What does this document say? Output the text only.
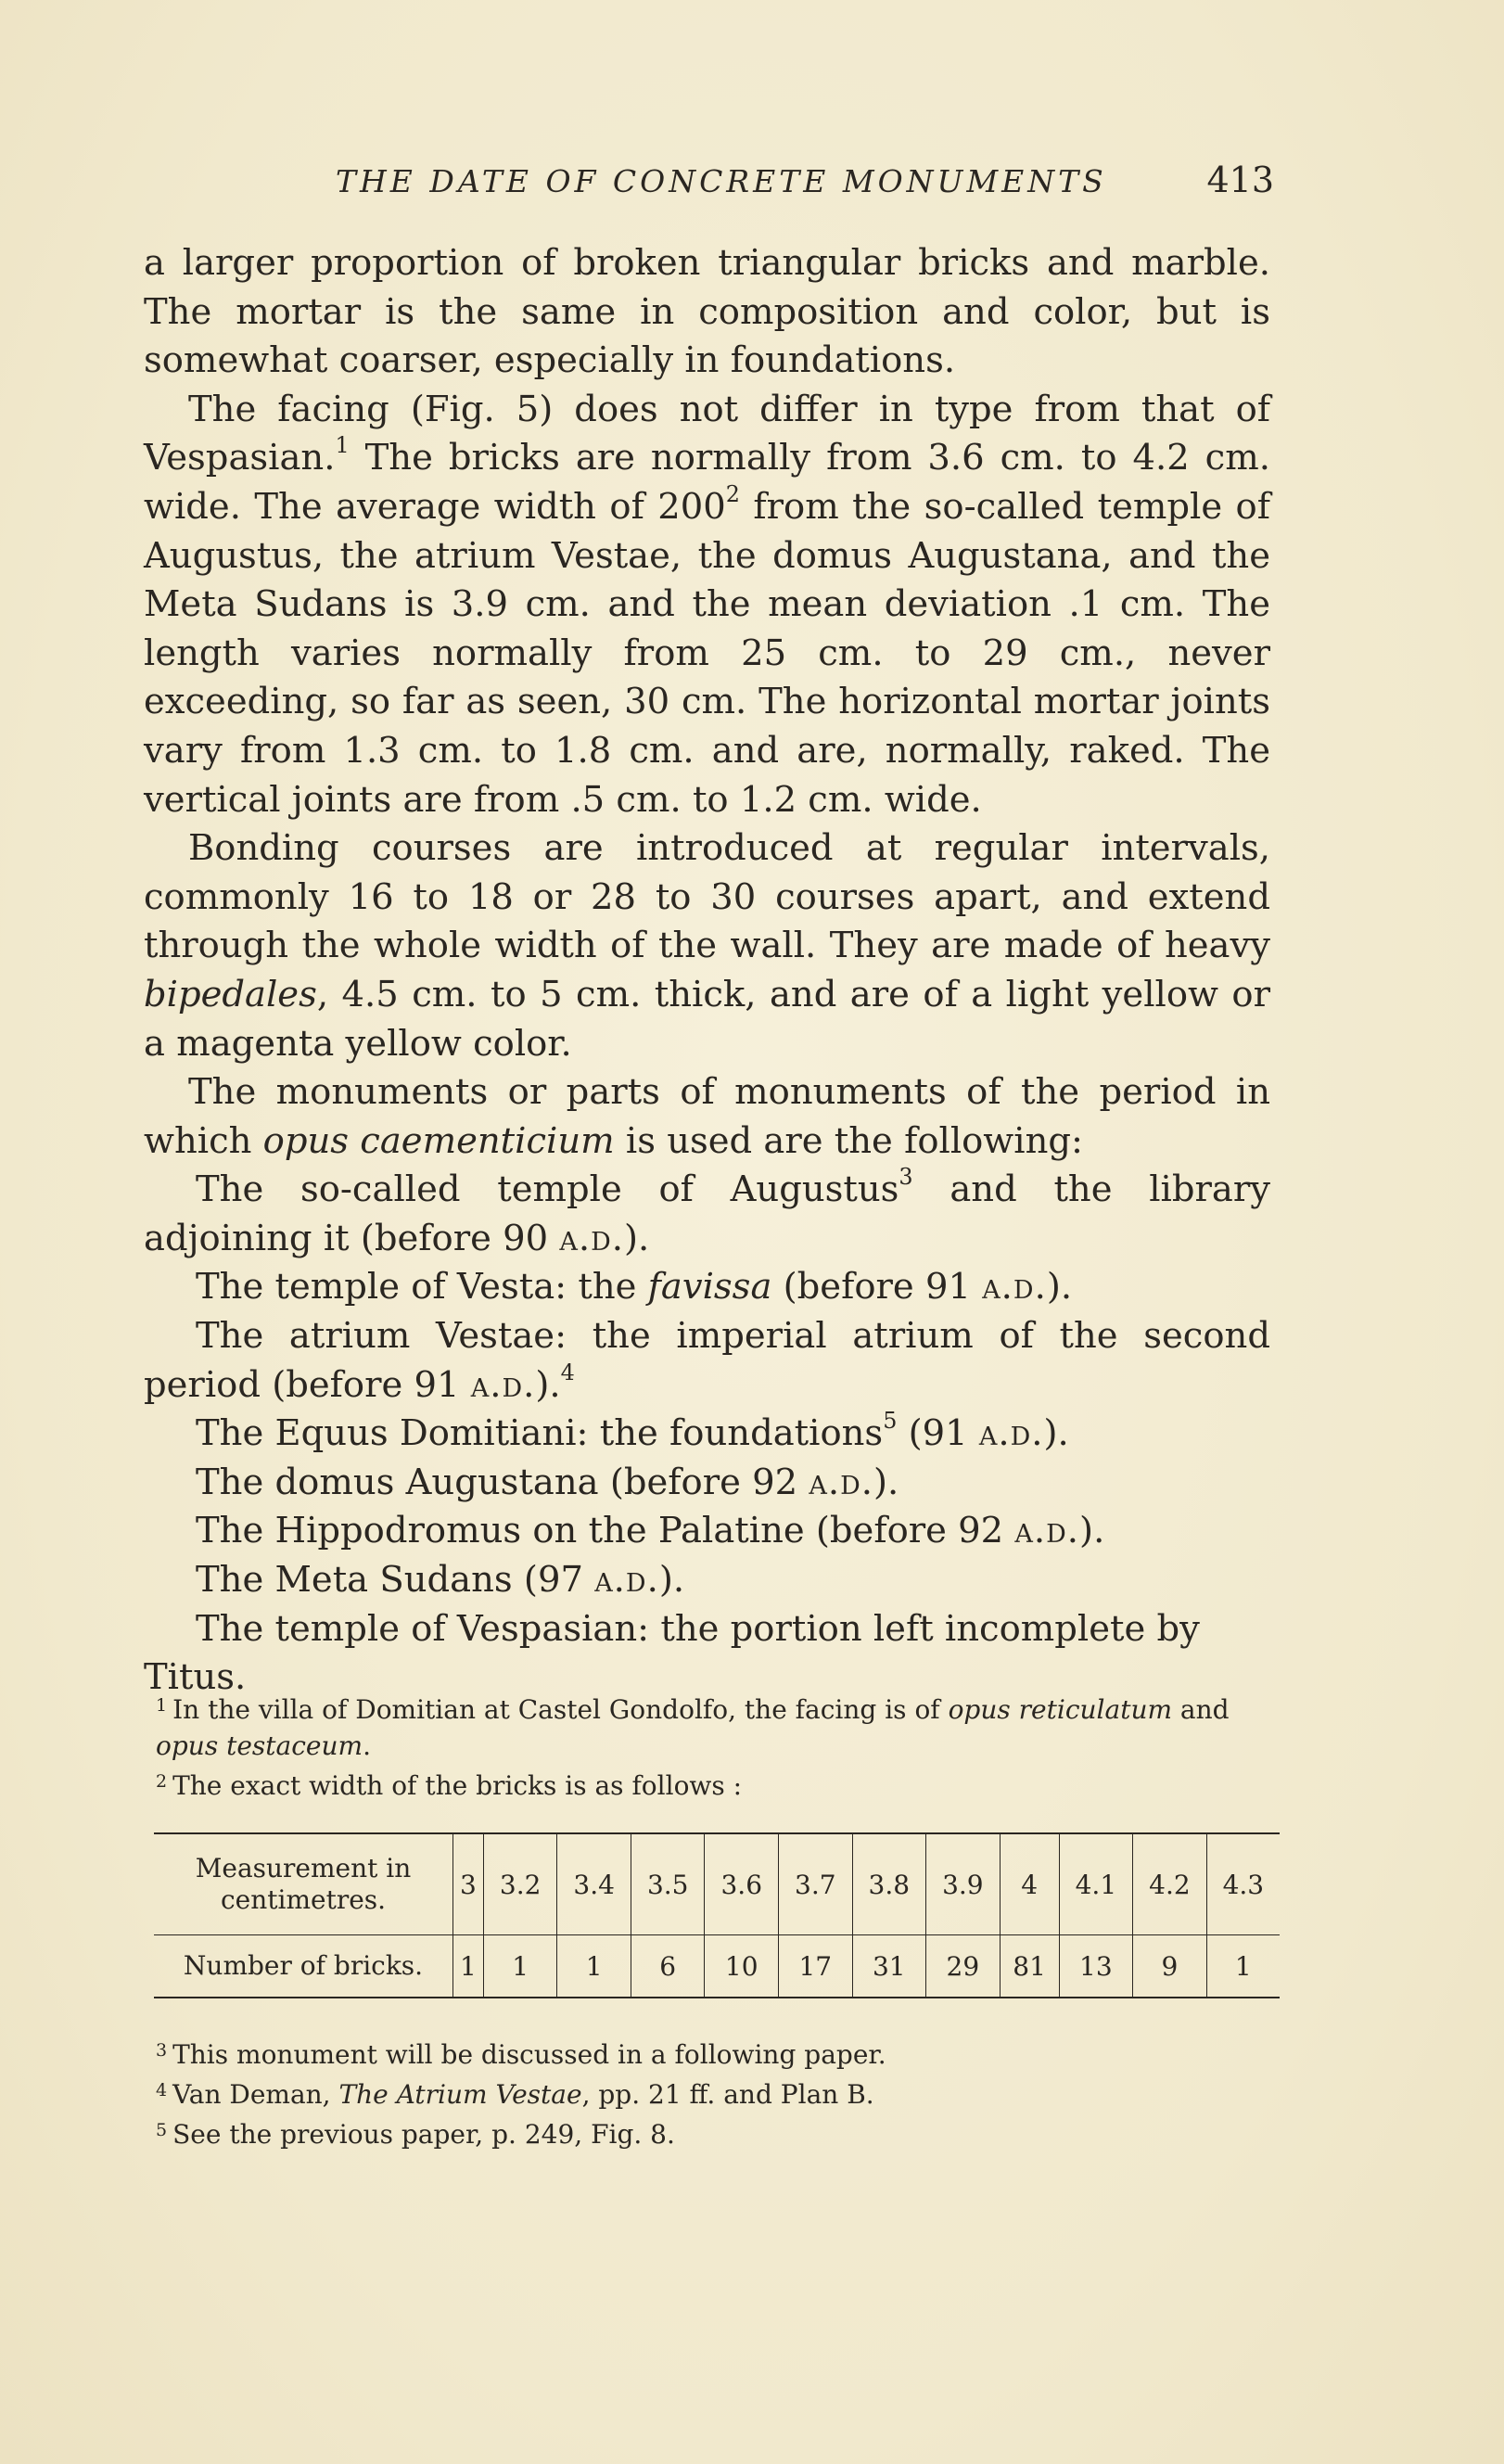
THE DATE OF CONCRETE MONUMENTS	413

a larger proportion of broken triangular bricks and marble. The mortar is the same in composition and color, but is somewhat coarser, especially in foundations.

The facing (Fig. 5) does not differ in type from that of Vespasian.$^1$ The bricks are normally from 3.6 cm. to 4.2 cm. wide. The average width of $200^2$ from the so-called temple of Augustus, the atrium Vestae, the domus Augustana, and the Meta Sudans is 3.9 cm. and the mean deviation .1 cm. The length varies normally from 25 cm. to 29 cm., never exceeding, so far as seen, 30 cm. The horizontal mortar joints vary from 1.3 cm. to 1.8 cm. and are, normally, raked. The vertical joints are from .5 cm. to 1.2 cm. wide.

Bonding courses are introduced at regular intervals, commonly 16 to 18 or 28 to 30 courses apart, and extend through the whole width of the wall. They are made of heavy bipedales, 4.5 cm. to 5 cm. thick, and are of a light yellow or a magenta yellow color.

The monuments or parts of monuments of the period in which opus caementicium is used are the following:

The so-called temple of Augustus$^3$ and the library adjoining it (before 90 a.d.).

The temple of Vesta: the favissa (before 91 a.d.).

The atrium Vestae: the imperial atrium of the second period (before 91 a.d.).$^4$

The Equus Domitiani: the foundations$^5$ (91 a.d.).

The domus Augustana (before 92 a.d.).

The Hippodromus on the Palatine (before 92 a.d.).

The Meta Sudans (97 a.d.).

The temple of Vespasian: the portion left incomplete by Titus.

$^1$ In the villa of Domitian at Castel Gondolfo, the facing is of opus reticulatum and opus testaceum.

$^2$ The exact width of the bricks is as follows :

Measurement in centimetres.	3	3.2	3.4	3.5	3.6	3.7	3.8	3.9	4	4.1	4.2	4.3
Number of bricks.	1	1	1	6	10	17	31	29	81	13	9	1

$^3$ This monument will be discussed in a following paper.

$^4$ Van Deman, The Atrium Vestae, pp. 21 ff. and Plan B.

$^5$ See the previous paper, p. 249, Fig. 8.
